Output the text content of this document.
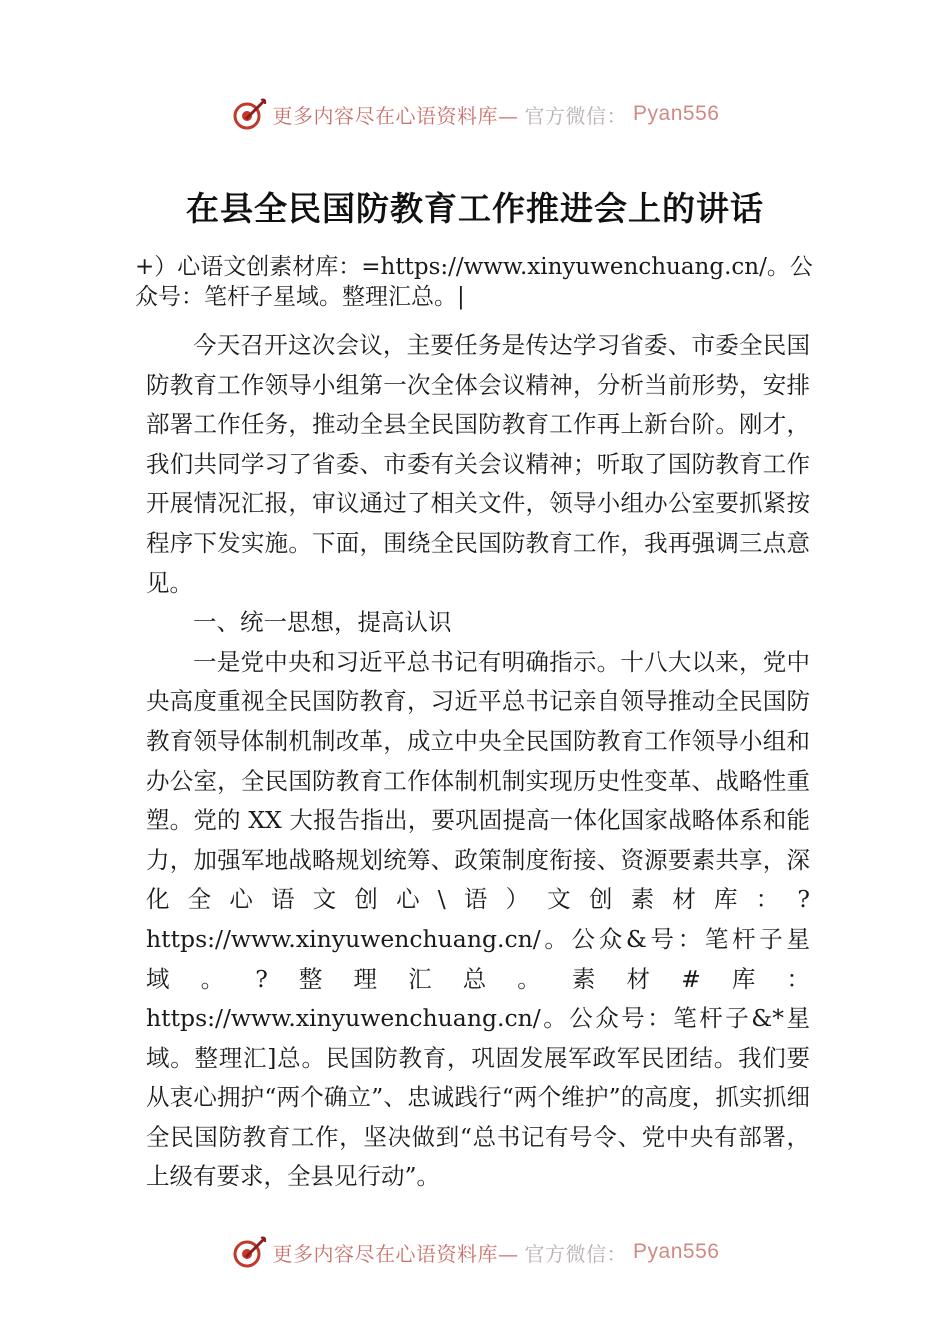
更多内容尽在心语资料库— 官方微信： Pyan556
在县全民国防教育工作推进会上的讲话
+）心语文创素材库：=https://www.xinyuwenchuang.cn/。公众号：笔杆子星域。整理汇总。|

今天召开这次会议，主要任务是传达学习省委、市委全民国防教育工作领导小组第一次全体会议精神，分析当前形势，安排部署工作任务，推动全县全民国防教育工作再上新台阶。刚才，我们共同学习了省委、市委有关会议精神；听取了国防教育工作开展情况汇报，审议通过了相关文件，领导小组办公室要抓紧按程序下发实施。下面，围绕全民国防教育工作，我再强调三点意见。

一、统一思想，提高认识

一是党中央和习近平总书记有明确指示。十八大以来，党中央高度重视全民国防教育，习近平总书记亲自领导推动全民国防教育领导体制机制改革，成立中央全民国防教育工作领导小组和办公室，全民国防教育工作体制机制实现历史性变革、战略性重塑。党的 XX 大报告指出，要巩固提高一体化国家战略体系和能力，加强军地战略规划统筹、政策制度衔接、资源要素共享，深化全心语文创心\语）文创素材库：?https://www.xinyuwenchuang.cn/。公众&号：笔杆子星域。?整理汇总。素材#库：https://www.xinyuwenchuang.cn/。公众号：笔杆子&*星域。整理汇]总。民国防教育，巩固发展军政军民团结。我们要从衷心拥护“两个确立”、忠诚践行“两个维护”的高度，抓实抓细全民国防教育工作，坚决做到“总书记有号令、党中央有部署，上级有要求，全县见行动”。

更多内容尽在心语资料库— 官方微信： Pyan556
